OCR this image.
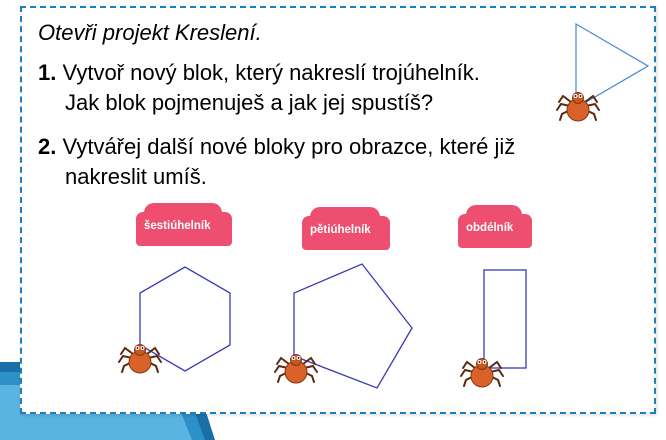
Otevři projekt Kreslení.
1. Vytvoř nový blok, který nakreslí trojúhelník.
Jak blok pojmenuješ a jak jej spustíš?
2. Vytvářej další nové bloky pro obrazce, které již
nakreslit umíš.
šestiúhelník	pětiúhelník	obdélník
